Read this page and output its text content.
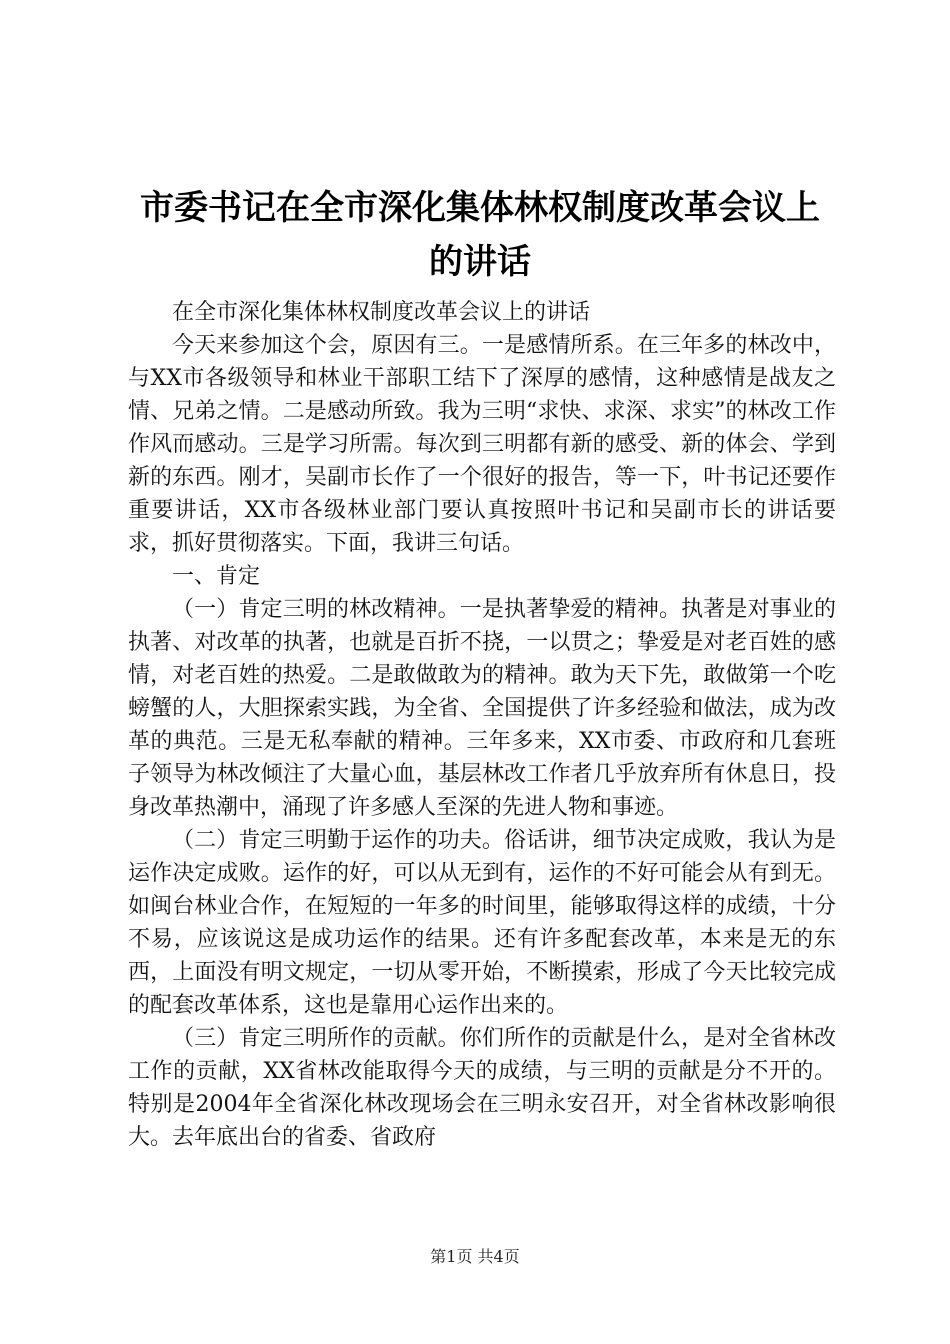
市委书记在全市深化集体林权制度改革会议上
的讲话

在全市深化集体林权制度改革会议上的讲话

今天来参加这个会，原因有三。一是感情所系。在三年多的林改中，与XX市各级领导和林业干部职工结下了深厚的感情，这种感情是战友之情、兄弟之情。二是感动所致。我为三明“求快、求深、求实”的林改工作作风而感动。三是学习所需。每次到三明都有新的感受、新的体会、学到新的东西。刚才，吴副市长作了一个很好的报告，等一下，叶书记还要作重要讲话，XX市各级林业部门要认真按照叶书记和吴副市长的讲话要求，抓好贯彻落实。下面，我讲三句话。

一、肯定

（一）肯定三明的林改精神。一是执著挚爱的精神。执著是对事业的执著、对改革的执著，也就是百折不挠，一以贯之；挚爱是对老百姓的感情，对老百姓的热爱。二是敢做敢为的精神。敢为天下先，敢做第一个吃螃蟹的人，大胆探索实践，为全省、全国提供了许多经验和做法，成为改革的典范。三是无私奉献的精神。三年多来，XX市委、市政府和几套班子领导为林改倾注了大量心血，基层林改工作者几乎放弃所有休息日，投身改革热潮中，涌现了许多感人至深的先进人物和事迹。

（二）肯定三明勤于运作的功夫。俗话讲，细节决定成败，我认为是运作决定成败。运作的好，可以从无到有，运作的不好可能会从有到无。如闽台林业合作，在短短的一年多的时间里，能够取得这样的成绩，十分不易，应该说这是成功运作的结果。还有许多配套改革，本来是无的东西，上面没有明文规定，一切从零开始，不断摸索，形成了今天比较完成的配套改革体系，这也是靠用心运作出来的。

（三）肯定三明所作的贡献。你们所作的贡献是什么，是对全省林改工作的贡献，XX省林改能取得今天的成绩，与三明的贡献是分不开的。特别是2004年全省深化林改现场会在三明永安召开，对全省林改影响很大。去年底出台的省委、省政府

第1页 共4页
